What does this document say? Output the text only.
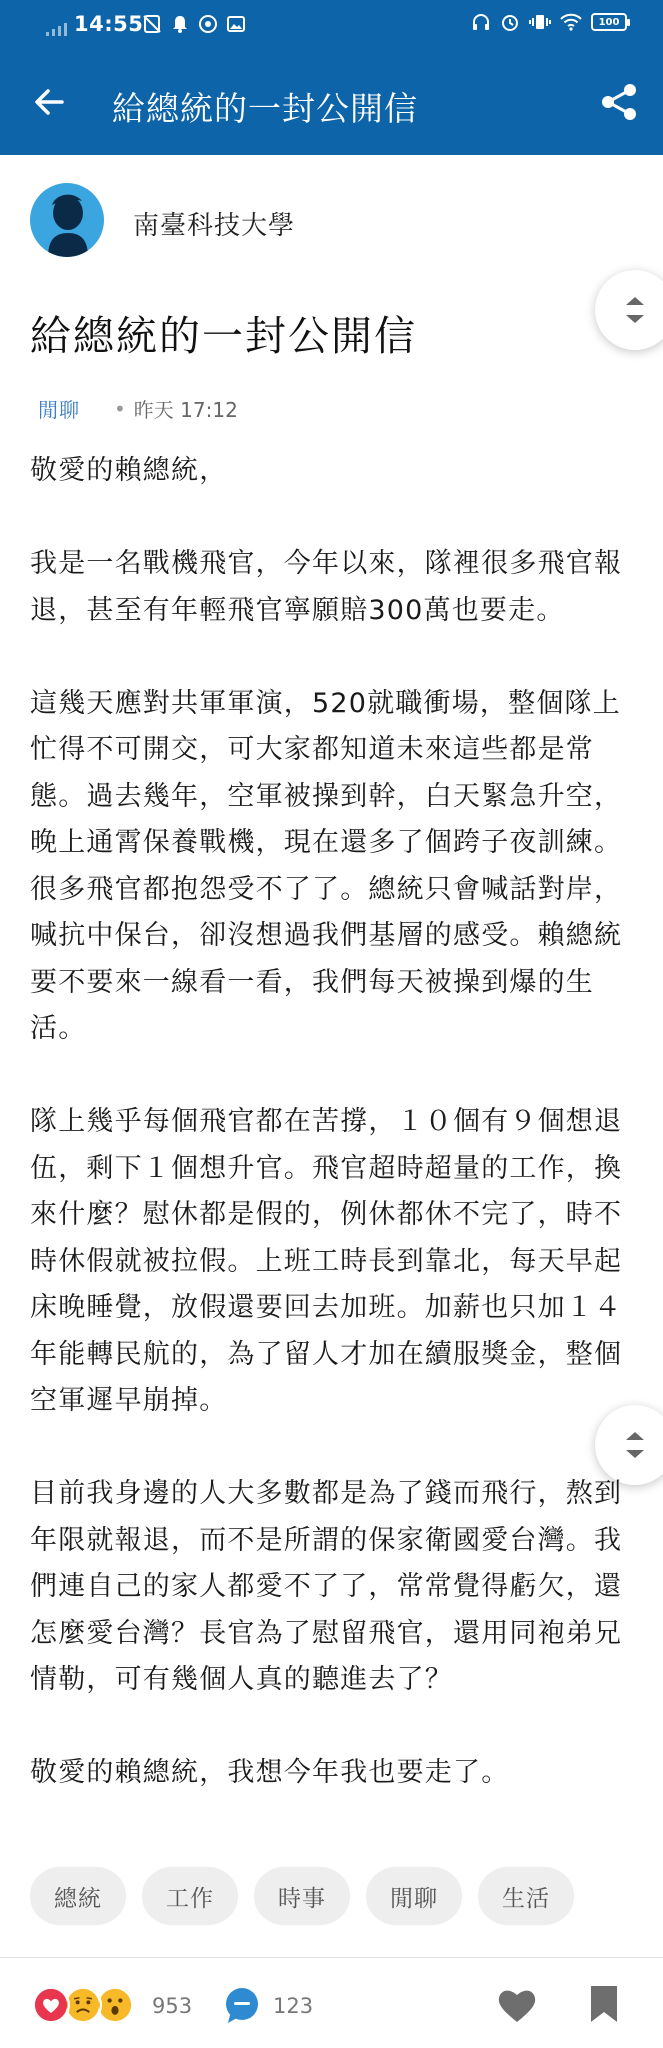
14:55	100
給總統的一封公開信
南臺科技大學
給總統的一封公開信
閒聊 • 昨天 17:12

敬愛的賴總統，

我是一名戰機飛官，今年以來，隊裡很多飛官報退，甚至有年輕飛官寧願賠300萬也要走。

這幾天應對共軍軍演，520就職衝場，整個隊上忙得不可開交，可大家都知道未來這些都是常態。過去幾年，空軍被操到幹，白天緊急升空，晚上通霄保養戰機，現在還多了個跨子夜訓練。很多飛官都抱怨受不了了。總統只會喊話對岸，喊抗中保台，卻沒想過我們基層的感受。賴總統要不要來一線看一看，我們每天被操到爆的生活。

隊上幾乎每個飛官都在苦撐，１０個有９個想退伍，剩下１個想升官。飛官超時超量的工作，換來什麼？慰休都是假的，例休都休不完了，時不時休假就被拉假。上班工時長到靠北，每天早起床晚睡覺，放假還要回去加班。加薪也只加１４年能轉民航的，為了留人才加在續服獎金，整個空軍遲早崩掉。

目前我身邊的人大多數都是為了錢而飛行，熬到年限就報退，而不是所謂的保家衛國愛台灣。我們連自己的家人都愛不了了，常常覺得虧欠，還怎麼愛台灣？長官為了慰留飛官，還用同袍弟兄情勒，可有幾個人真的聽進去了？

敬愛的賴總統，我想今年我也要走了。

總統	工作	時事	閒聊	生活
953	123
